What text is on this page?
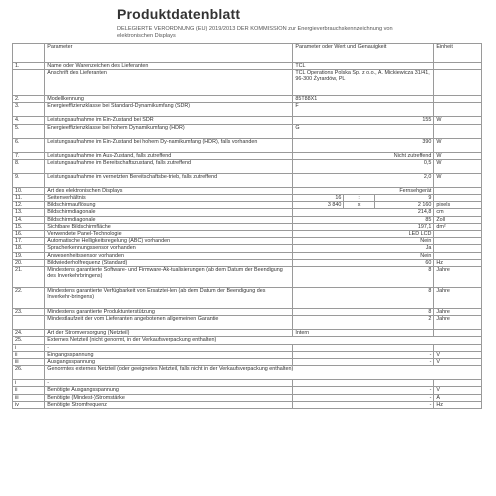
Produktdatenblatt
DELEGIERTE VERORDNUNG (EU) 2019/2013 DER KOMMISSION zur Energieverbrauchskennzeichnung von elektronischen Displays
	Parameter	Parameter oder Wert und Genauigkeit			Einheit
1.	Name oder Warenzeichen des Lieferanten	TCL			
	Anschrift des Lieferanten	TCL Operations Polska Sp. z o.o., A. Mickiewicza 31/41, 96-300 Żyrardów, PL			
2.	Modellkennung	85T88X1			
3.	Energieeffizienzklasse bei Standard-Dynamikumfang (SDR)	F			
4.	Leistungsaufnahme im Ein-Zustand bei SDR	155			W
5.	Energieeffizienzklasse bei hohem Dynamikumfang (HDR)	G			
6.	Leistungsaufnahme im Ein-Zustand bei hohem Dy-namikumfang (HDR), falls vorhanden	390			W
7.	Leistungsaufnahme im Aus-Zustand, falls zutreffend	Nicht zutreffend			W
8.	Leistungsaufnahme im Bereitschaftszustand, falls zutreffend	0,5			W
9.	Leistungsaufnahme im vernetzten Bereitschaftsbe-trieb, falls zutreffend	2,0			W
10.	Art des elektronischen Displays	Fernsehgerät			
11.	Seitenverhältnis	16	:	9	
12.	Bildschirmauflösung	3 840	x	2 160	pixels
13.	Bildschirmdiagonale	214,8			cm
14.	Bildschirmdiagonale	85			Zoll
15.	Sichtbare Bildschirmfläche	197,1			dm²
16.	Verwendete Panel-Technologie	LED LCD			
17.	Automatische Helligkeitsregelung (ABC) vorhanden	Nein			
18.	Spracherkennungssensor vorhanden	Ja			
19.	Anwesenheitssensor vorhanden	Nein			
20.	Bildwiederholfrequenz (Standard)	60			Hz
21.	Mindestens garantierte Software- und Firmware-Ak-tualisierungen (ab dem Datum der Beendigung des Inverkehrbringens)	8			Jahre
22.	Mindestens garantierte Verfügbarkeit von Ersatztei-len (ab dem Datum der Beendigung des Inverkehr-bringens)	8			Jahre
23.	Mindestens garantierte Produktunterstützung	8			Jahre
	Mindestlaufzeit der vom Lieferanten angebotenen allgemeinen Garantie	2			Jahre
24.	Art der Stromversorgung (Netzteil)	Intern			
25.	Externes Netzteil (nicht genormt, in der Verkaufsverpackung enthalten)				
i	-				
ii	Eingangsspannung	-			V
iii	Ausgangsspannung	-			V
26.	Genormtes externes Netzteil (oder geeignetes Netzteil, falls nicht in der Verkaufsverpackung enthalten)				
i	-				
ii	Benötigte Ausgangsspannung	-			V
iii	Benötigte (Mindest-)Stromstärke	-			A
iv	Benötigte Stromfrequenz	-			Hz
